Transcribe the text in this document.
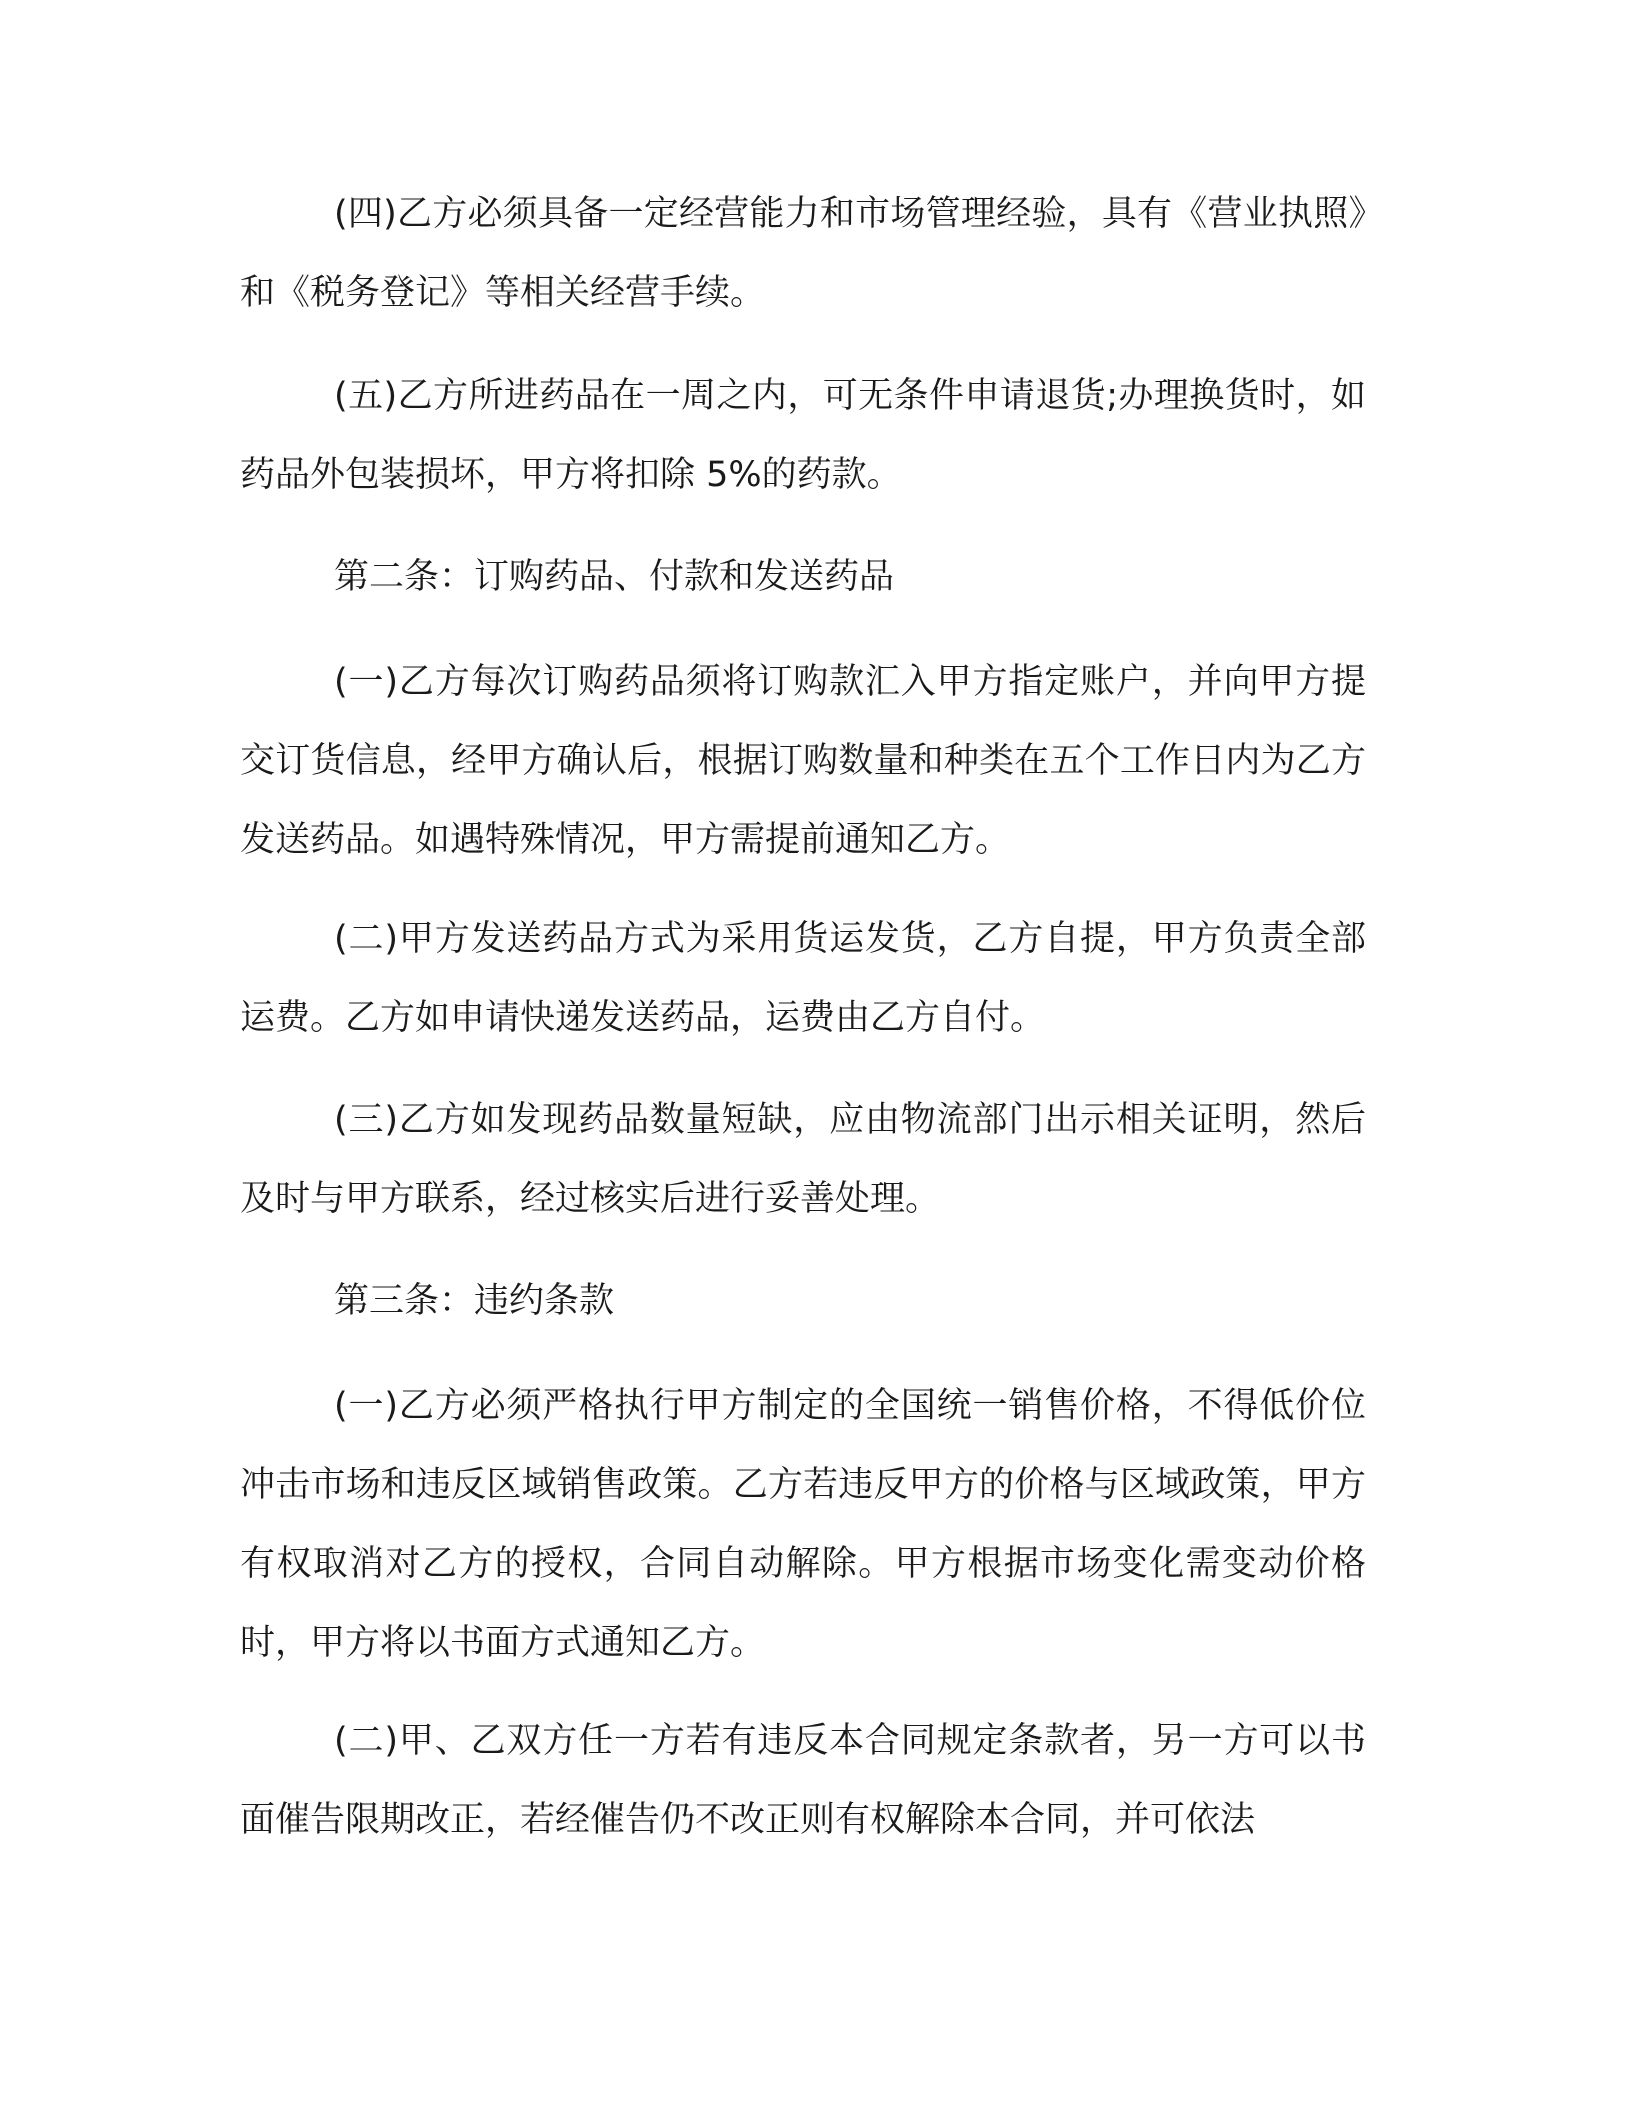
(四)乙方必须具备一定经营能力和市场管理经验，具有《营业执照》和《税务登记》等相关经营手续。

(五)乙方所进药品在一周之内，可无条件申请退货;办理换货时，如药品外包装损坏，甲方将扣除 5%的药款。

第二条：订购药品、付款和发送药品

(一)乙方每次订购药品须将订购款汇入甲方指定账户，并向甲方提交订货信息，经甲方确认后，根据订购数量和种类在五个工作日内为乙方发送药品。如遇特殊情况，甲方需提前通知乙方。

(二)甲方发送药品方式为采用货运发货，乙方自提，甲方负责全部运费。乙方如申请快递发送药品，运费由乙方自付。

(三)乙方如发现药品数量短缺，应由物流部门出示相关证明，然后及时与甲方联系，经过核实后进行妥善处理。

第三条：违约条款

(一)乙方必须严格执行甲方制定的全国统一销售价格，不得低价位冲击市场和违反区域销售政策。乙方若违反甲方的价格与区域政策，甲方有权取消对乙方的授权，合同自动解除。甲方根据市场变化需变动价格时，甲方将以书面方式通知乙方。

(二)甲、乙双方任一方若有违反本合同规定条款者，另一方可以书面催告限期改正，若经催告仍不改正则有权解除本合同，并可依法
